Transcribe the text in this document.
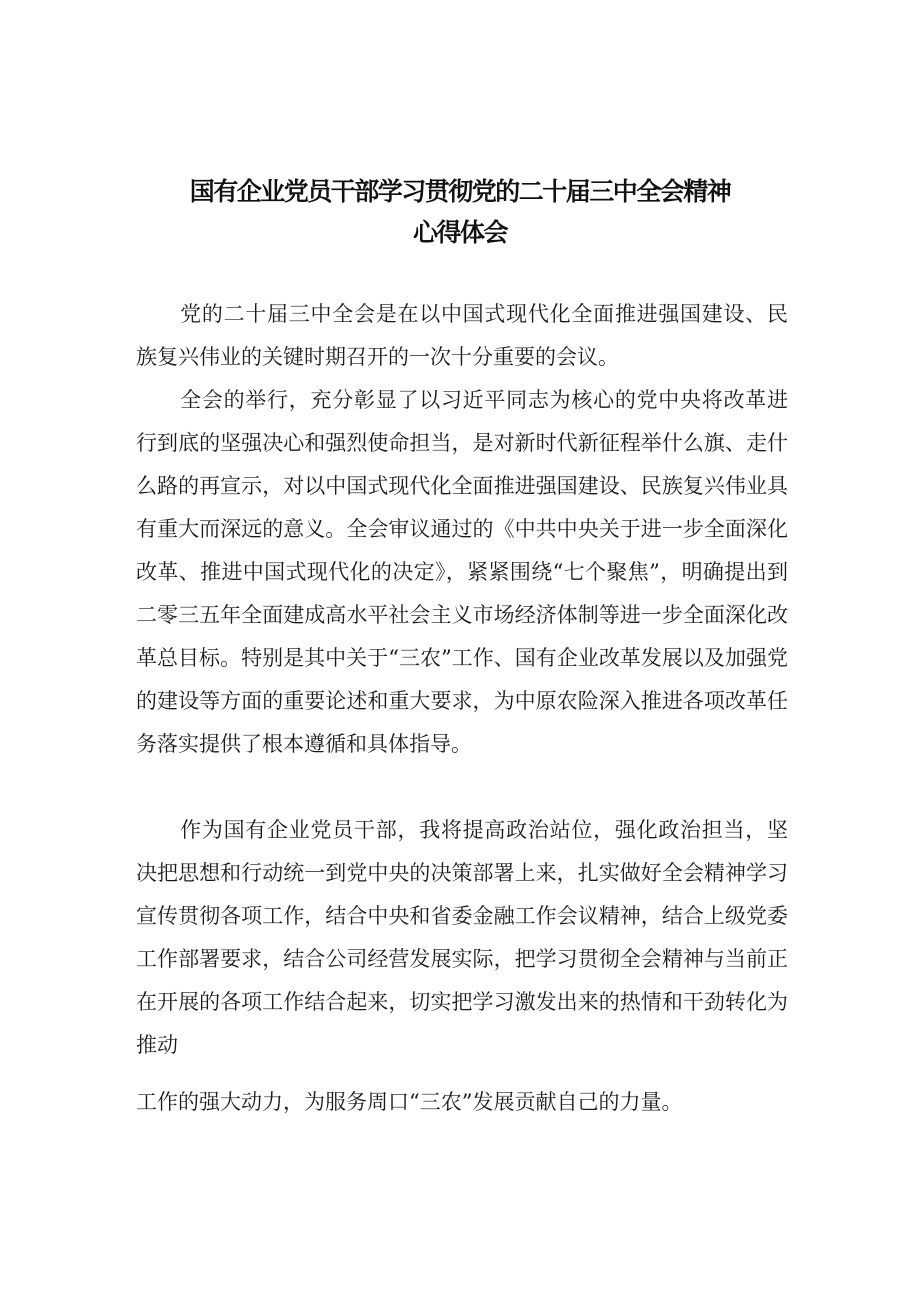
国有企业党员干部学习贯彻党的二十届三中全会精神
心得体会

党的二十届三中全会是在以中国式现代化全面推进强国建设、民族复兴伟业的关键时期召开的一次十分重要的会议。

全会的举行，充分彰显了以习近平同志为核心的党中央将改革进行到底的坚强决心和强烈使命担当，是对新时代新征程举什么旗、走什么路的再宣示，对以中国式现代化全面推进强国建设、民族复兴伟业具有重大而深远的意义。全会审议通过的《中共中央关于进一步全面深化改革、推进中国式现代化的决定》，紧紧围绕“七个聚焦”，明确提出到二零三五年全面建成高水平社会主义市场经济体制等进一步全面深化改革总目标。特别是其中关于“三农”工作、国有企业改革发展以及加强党的建设等方面的重要论述和重大要求，为中原农险深入推进各项改革任务落实提供了根本遵循和具体指导。

作为国有企业党员干部，我将提高政治站位，强化政治担当，坚决把思想和行动统一到党中央的决策部署上来，扎实做好全会精神学习宣传贯彻各项工作，结合中央和省委金融工作会议精神，结合上级党委工作部署要求，结合公司经营发展实际，把学习贯彻全会精神与当前正在开展的各项工作结合起来，切实把学习激发出来的热情和干劲转化为推动

工作的强大动力，为服务周口“三农”发展贡献自己的力量。
